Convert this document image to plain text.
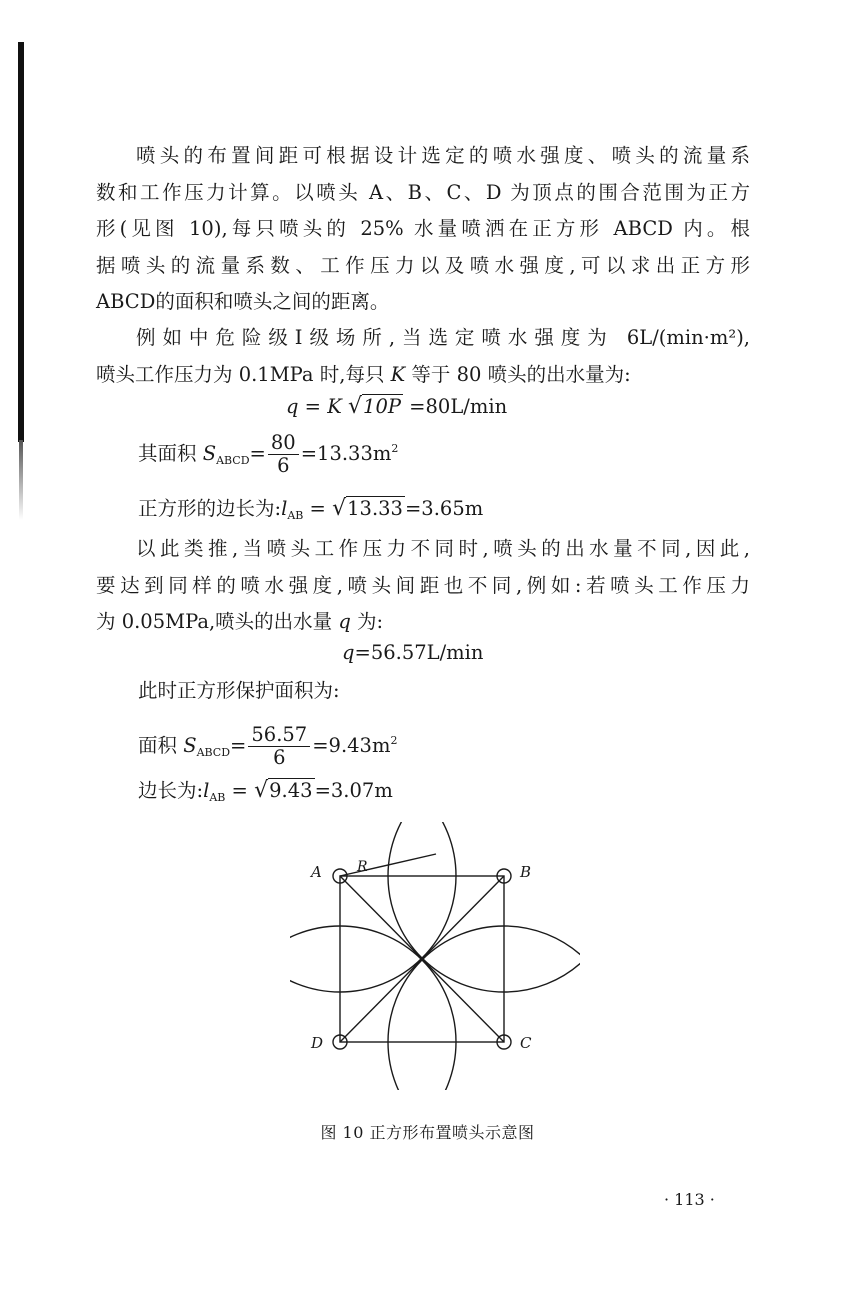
喷头的布置间距可根据设计选定的喷水强度、喷头的流量系
数和工作压力计算。以喷头 A、B、C、D 为顶点的围合范围为正方
形(见图 10),每只喷头的 25% 水量喷洒在正方形 ABCD 内。根
据喷头的流量系数、工作压力以及喷水强度,可以求出正方形
ABCD的面积和喷头之间的距离。
例如中危险级Ⅰ级场所,当选定喷水强度为 6L/(min·m²),
喷头工作压力为 0.1MPa 时,每只 K 等于 80 喷头的出水量为:
q = K √10P =80L/min
其面积 $S_{ABCD}= \frac{80}{6} =13.33m^2$
正方形的边长为$:l_{AB} = √13.33 =3.65m$
以此类推,当喷头工作压力不同时,喷头的出水量不同,因此,
要达到同样的喷水强度,喷头间距也不同,例如:若喷头工作压力
为 0.05MPa,喷头的出水量 q 为:
q=56.57L/min
此时正方形保护面积为:
面积 $S_{ABCD}= \frac{56.57}{6} =9.43m^2$
边长为$:l_{AB} = √9.43 =3.07m$
A	B
C
D
R
图 10 正方形布置喷头示意图
· 113 ·
